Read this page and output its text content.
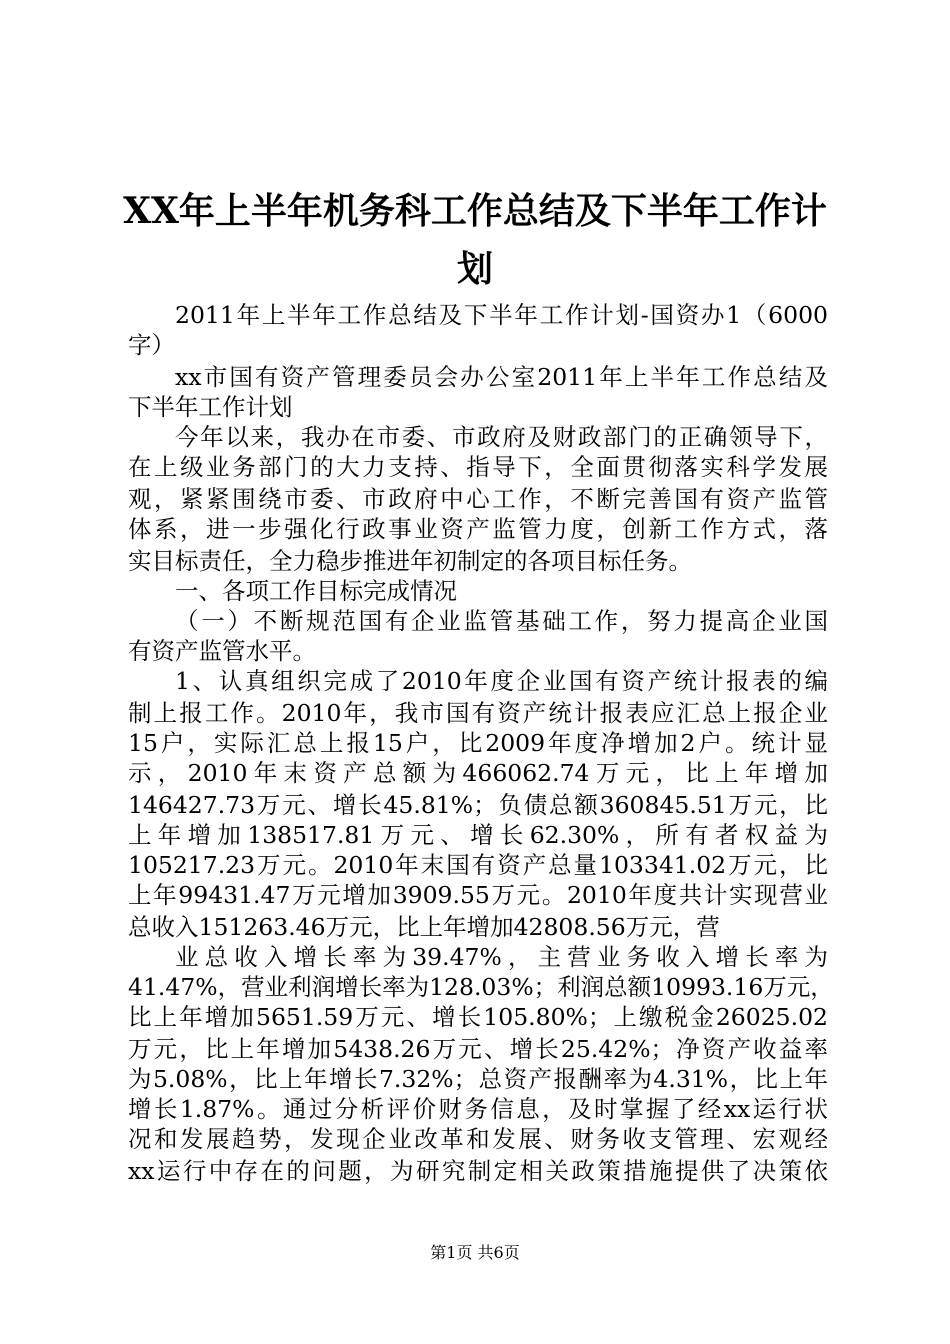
XX年上半年机务科工作总结及下半年工作计
划
2011年上半年工作总结及下半年工作计划-国资办1（6000
字）
xx市国有资产管理委员会办公室2011年上半年工作总结及
下半年工作计划
今年以来，我办在市委、市政府及财政部门的正确领导下，
在上级业务部门的大力支持、指导下，全面贯彻落实科学发展
观，紧紧围绕市委、市政府中心工作，不断完善国有资产监管
体系，进一步强化行政事业资产监管力度，创新工作方式，落
实目标责任，全力稳步推进年初制定的各项目标任务。
一、各项工作目标完成情况
（一）不断规范国有企业监管基础工作，努力提高企业国
有资产监管水平。
1、认真组织完成了2010年度企业国有资产统计报表的编
制上报工作。2010年，我市国有资产统计报表应汇总上报企业
15户，实际汇总上报15户，比2009年度净增加2户。统计显
示，2010年末资产总额为466062.74万元，比上年增加
146427.73万元、增长45.81%；负债总额360845.51万元，比
上年增加138517.81万元、增长62.30%，所有者权益为
105217.23万元。2010年末国有资产总量103341.02万元，比
上年99431.47万元增加3909.55万元。2010年度共计实现营业
总收入151263.46万元，比上年增加42808.56万元，营
业总收入增长率为39.47%，主营业务收入增长率为
41.47%，营业利润增长率为128.03%；利润总额10993.16万元，
比上年增加5651.59万元、增长105.80%；上缴税金26025.02
万元，比上年增加5438.26万元、增长25.42%；净资产收益率
为5.08%，比上年增长7.32%；总资产报酬率为4.31%，比上年
增长1.87%。通过分析评价财务信息，及时掌握了经xx运行状
况和发展趋势，发现企业改革和发展、财务收支管理、宏观经
xx运行中存在的问题，为研究制定相关政策措施提供了决策依
第1页 共6页
